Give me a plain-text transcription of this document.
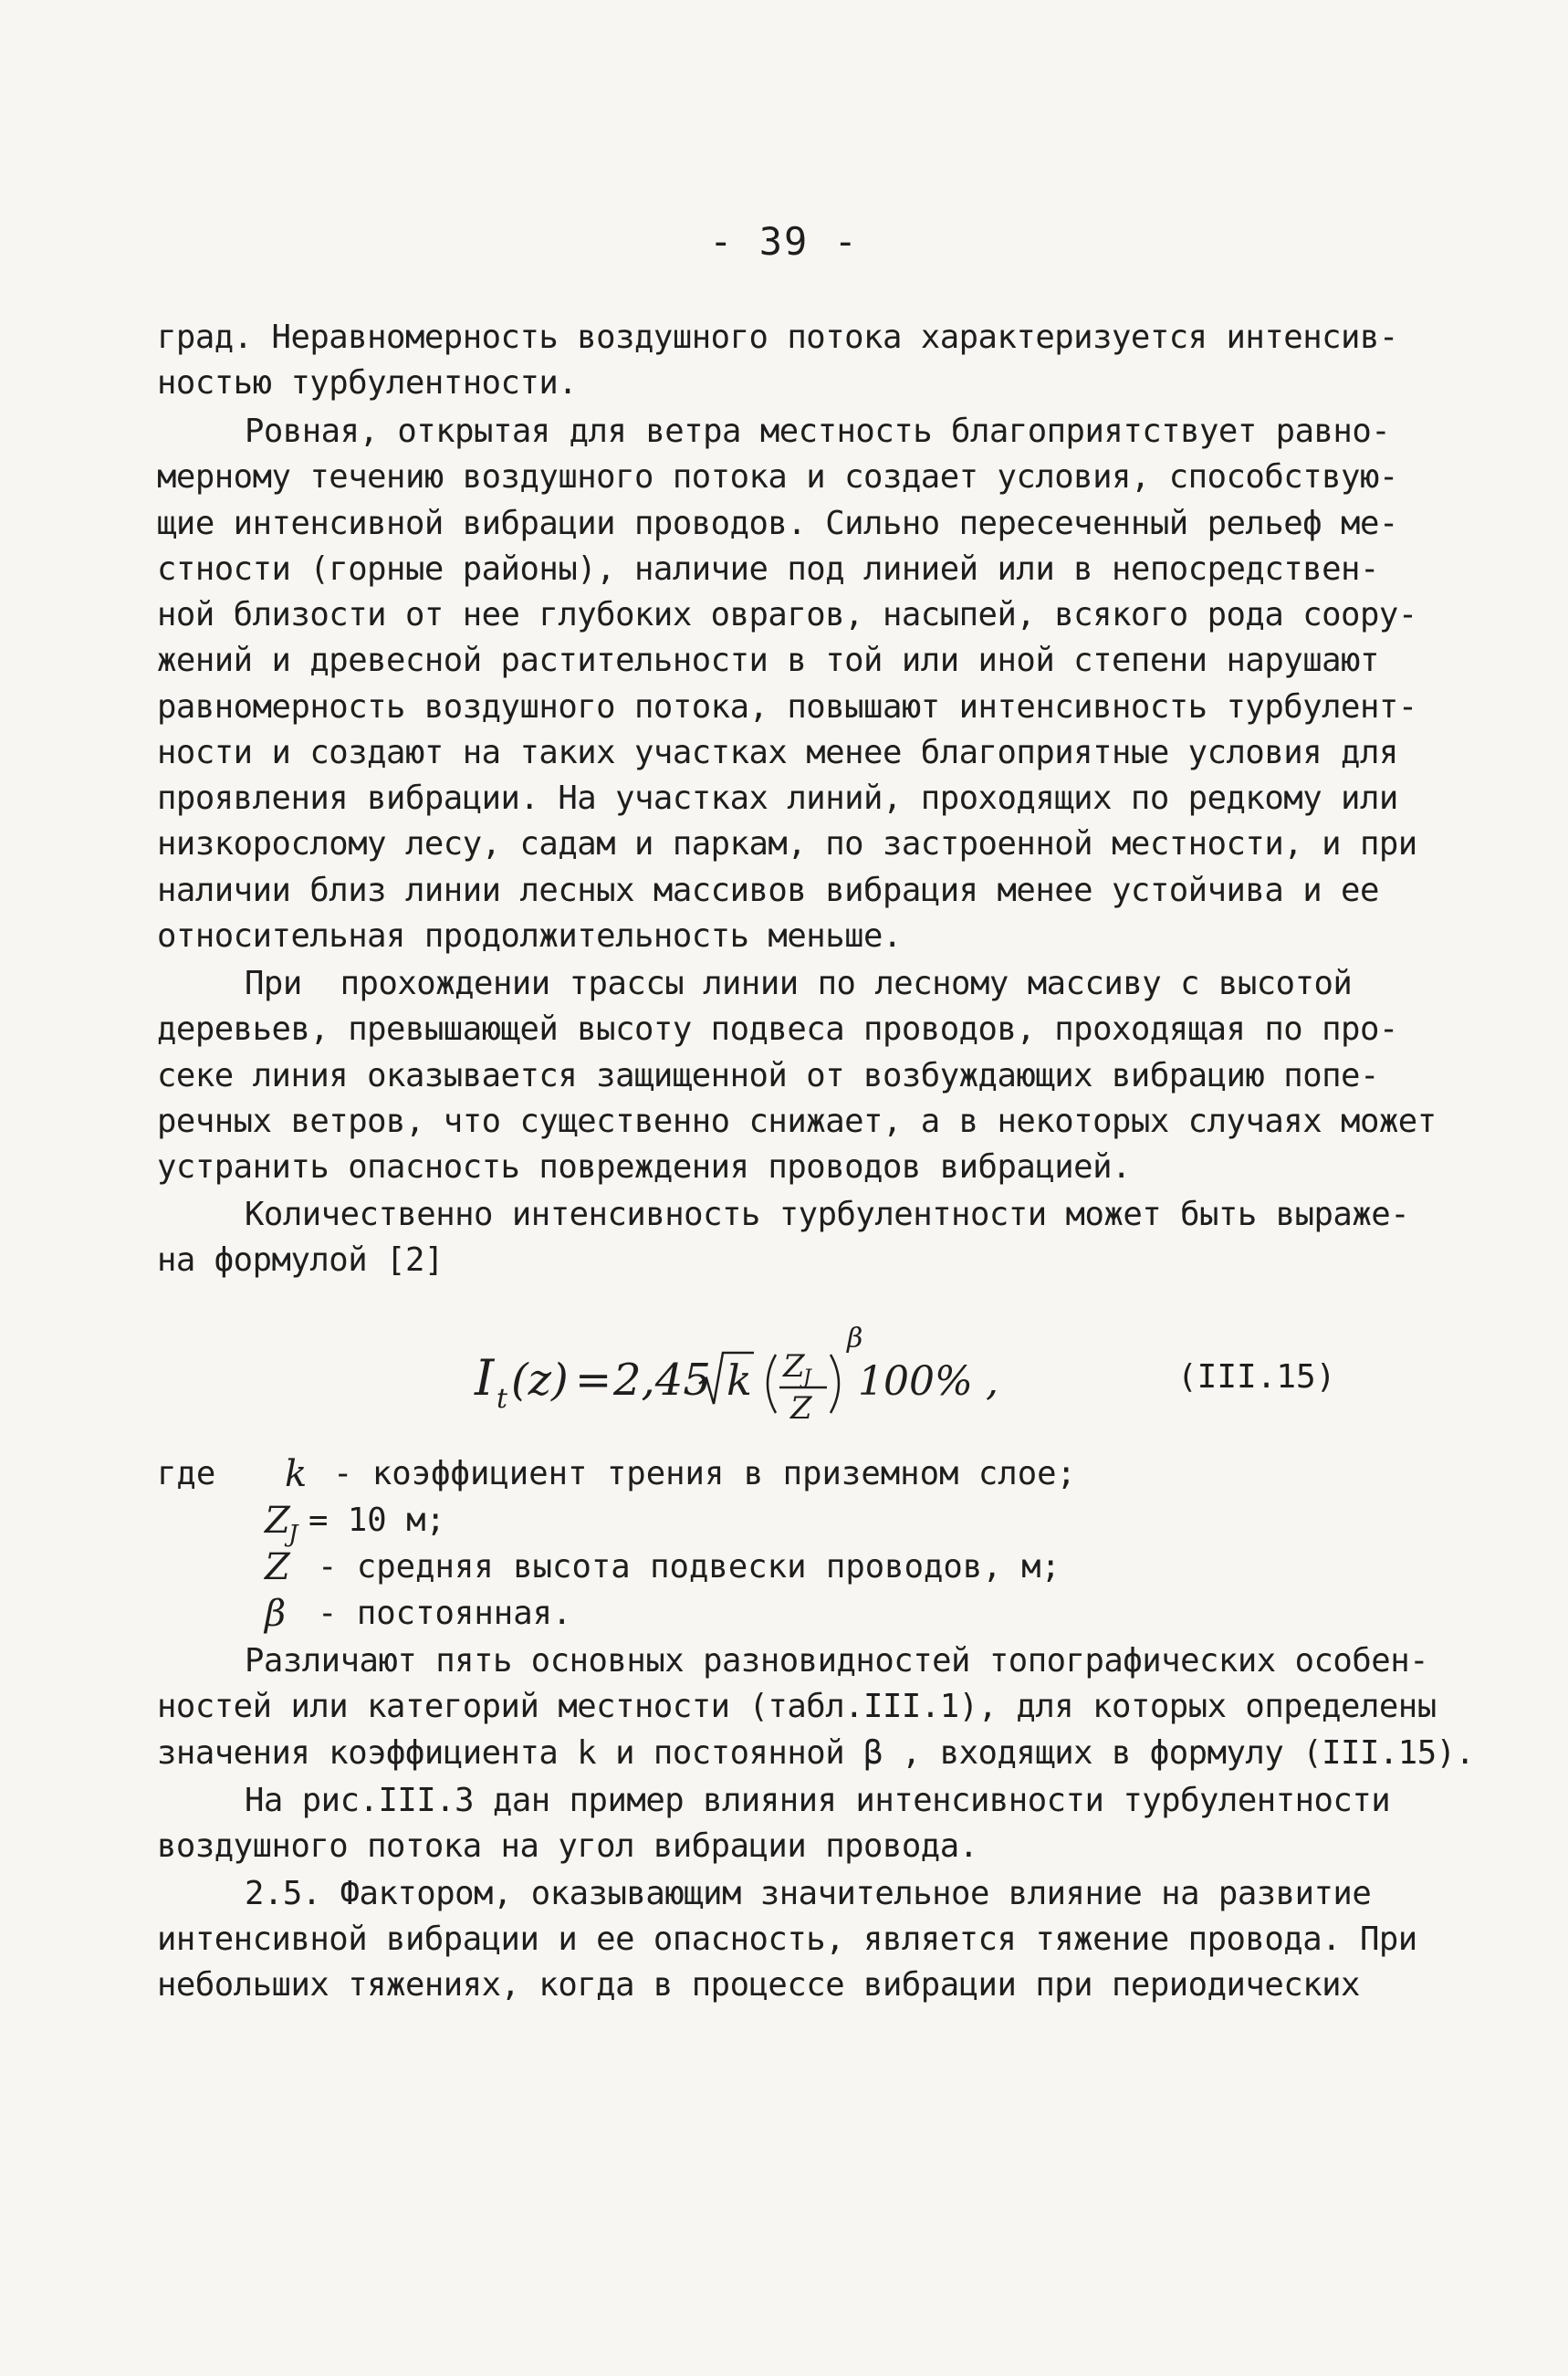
- 39 -
град. Неравномерность воздушного потока характеризуется интенсив-
ностью турбулентности.
Ровная, открытая для ветра местность благоприятствует равно-
мерному течению воздушного потока и создает условия, способствую-
щие интенсивной вибрации проводов. Сильно пересеченный рельеф ме-
стности (горные районы), наличие под линией или в непосредствен-
ной близости от нее глубоких оврагов, насыпей, всякого рода соору-
жений и древесной растительности в той или иной степени нарушают
равномерность воздушного потока, повышают интенсивность турбулент-
ности и создают на таких участках менее благоприятные условия для
проявления вибрации. На участках линий, проходящих по редкому или
низкорослому лесу, садам и паркам, по застроенной местности, и при
наличии близ линии лесных массивов вибрация менее устойчива и ее
относительная продолжительность меньше.
При  прохождении трассы линии по лесному массиву с высотой
деревьев, превышающей высоту подвеса проводов, проходящая по про-
секе линия оказывается защищенной от возбуждающих вибрацию попе-
речных ветров, что существенно снижает, а в некоторых случаях может
устранить опасность повреждения проводов вибрацией.
Количественно интенсивность турбулентности может быть выраже-
на формулой [2]
I t (z) = 2,45 k Z
J
Z
β
100% ,	(III.15)
где k - коэффициент трения в приземном слое;
Z
J = 10 м;
Z - средняя высота подвески проводов, м;
β - постоянная.
Различают пять основных разновидностей топографических особен-
ностей или категорий местности (табл.III.1), для которых определены
значения коэффициента k и постоянной β , входящих в формулу (III.15).
На рис.III.3 дан пример влияния интенсивности турбулентности
воздушного потока на угол вибрации провода.
2.5. Фактором, оказывающим значительное влияние на развитие
интенсивной вибрации и ее опасность, является тяжение провода. При
небольших тяжениях, когда в процессе вибрации при периодических
